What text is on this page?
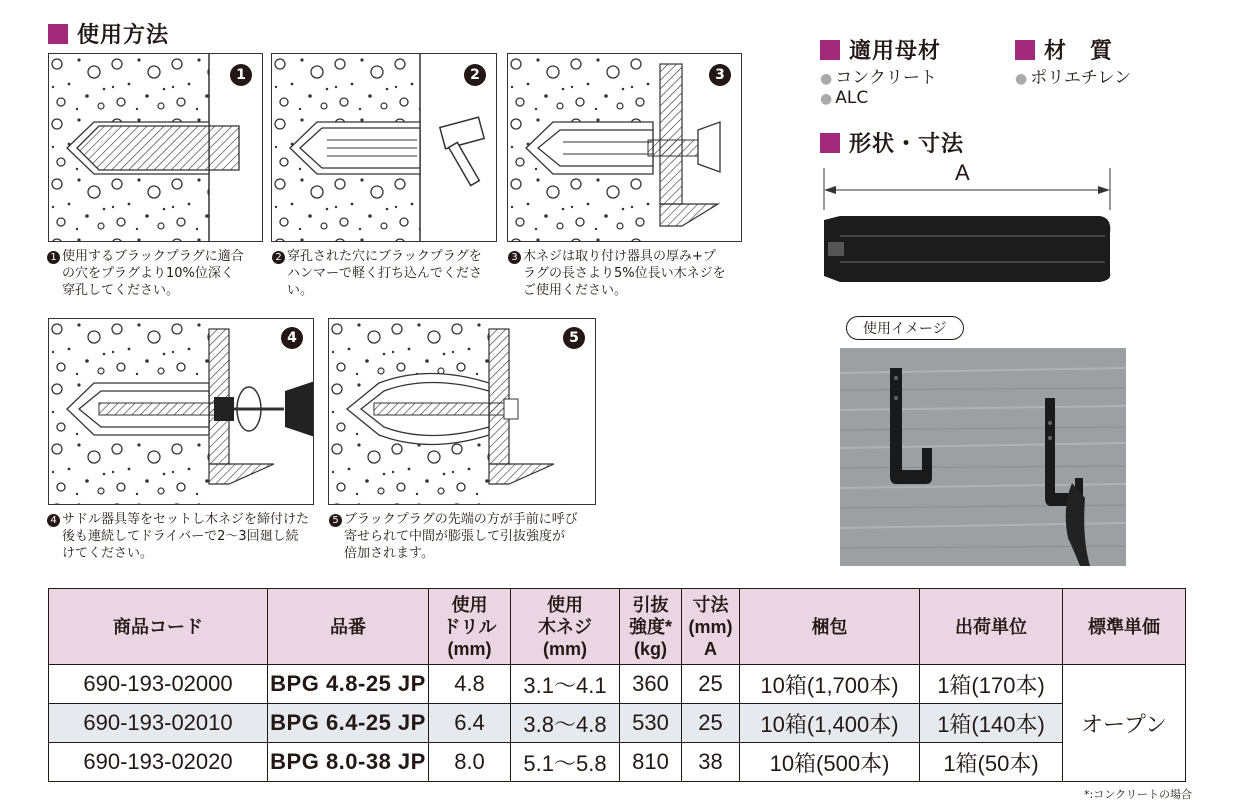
使用方法
1
1 使用するブラックプラグに適合
の穴をプラグより10%位深く
穿孔してください。
2
2 穿孔された穴にブラックプラグを
ハンマーで軽く打ち込んでください。
3
3 木ネジは取り付け器具の厚み+プ
ラグの長さより5%位長い木ネジを
ご使用ください。
4
4 サドル器具等をセットし木ネジを締付けた
後も連続してドライバーで2～3回廻し続
けてください。
5
5 ブラックプラグの先端の方が手前に呼び
寄せられて中間が膨張して引抜強度が
倍加されます。
適用母材
● コンクリート
● ALC
材　質
● ポリエチレン
形状・寸法
A
使用イメージ
商品コード	品番	使用
ドリル
(mm)	使用
木ネジ
(mm)	引抜
強度*
(kg)	寸法
(mm)
A	梱包	出荷単位	標準単価
690-193-02000	BPG 4.8-25 JP	4.8	3.1～4.1	360	25	10箱(1,700本)	1箱(170本)	オープン
690-193-02010	BPG 6.4-25 JP	6.4	3.8～4.8	530	25	10箱(1,400本)	1箱(140本)	
690-193-02020	BPG 8.0-38 JP	8.0	5.1～5.8	810	38	10箱(500本)	1箱(50本)	
*:コンクリートの場合
